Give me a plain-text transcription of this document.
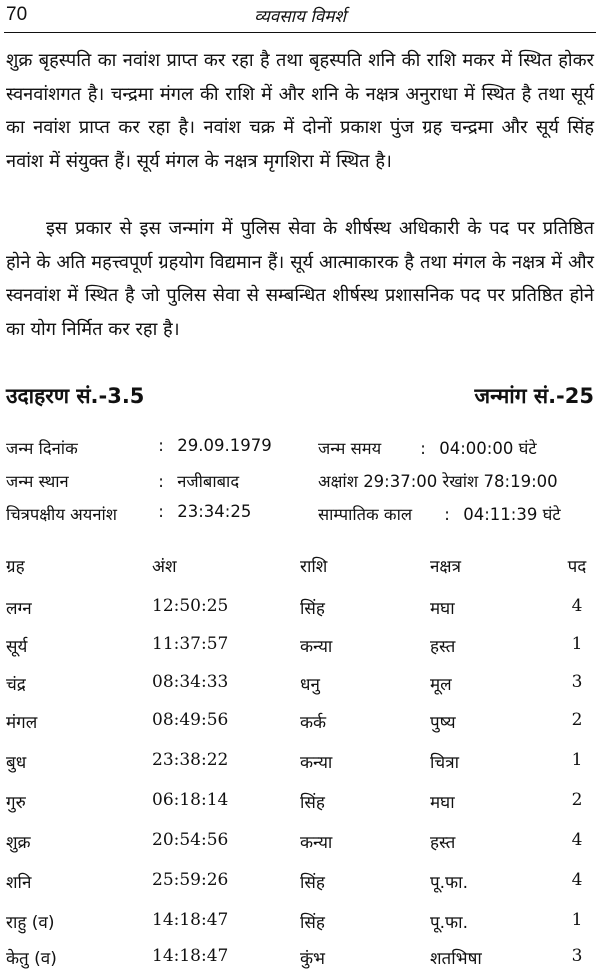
70	व्यवसाय विमर्श

शुक्र बृहस्पति का नवांश प्राप्त कर रहा है तथा बृहस्पति शनि की राशि मकर में स्थित होकर स्वनवांशगत है। चन्द्रमा मंगल की राशि में और शनि के नक्षत्र अनुराधा में स्थित है तथा सूर्य का नवांश प्राप्त कर रहा है। नवांश चक्र में दोनों प्रकाश पुंज ग्रह चन्द्रमा और सूर्य सिंह नवांश में संयुक्त हैं। सूर्य मंगल के नक्षत्र मृगशिरा में स्थित है।

इस प्रकार से इस जन्मांग में पुलिस सेवा के शीर्षस्थ अधिकारी के पद पर प्रतिष्ठित होने के अति महत्त्वपूर्ण ग्रहयोग विद्यमान हैं। सूर्य आत्माकारक है तथा मंगल के नक्षत्र में और स्वनवांश में स्थित है जो पुलिस सेवा से सम्बन्धित शीर्षस्थ प्रशासनिक पद पर प्रतिष्ठित होने का योग निर्मित कर रहा है।

उदाहरण सं.-3.5	जन्मांग सं.-25
जन्म दिनांक	: 29.09.1979
जन्म स्थान	: नजीबाबाद
चित्रपक्षीय अयनांश	: 23:34:25
जन्म समय	: 04:00:00 घंटे
अक्षांश 29:37:00 रेखांश 78:19:00
साम्पातिक काल	: 04:11:39 घंटे
ग्रह	अंश	राशि	नक्षत्र	पद
लग्न	12:50:25	सिंह	मघा	4
सूर्य	11:37:57	कन्या	हस्त	1
चंद्र	08:34:33	धनु	मूल	3
मंगल	08:49:56	कर्क	पुष्य	2
बुध	23:38:22	कन्या	चित्रा	1
गुरु	06:18:14	सिंह	मघा	2
शुक्र	20:54:56	कन्या	हस्त	4
शनि	25:59:26	सिंह	पू.फा.	4
राहु (व)	14:18:47	सिंह	पू.फा.	1
केतु (व)	14:18:47	कुंभ	शतभिषा	3
